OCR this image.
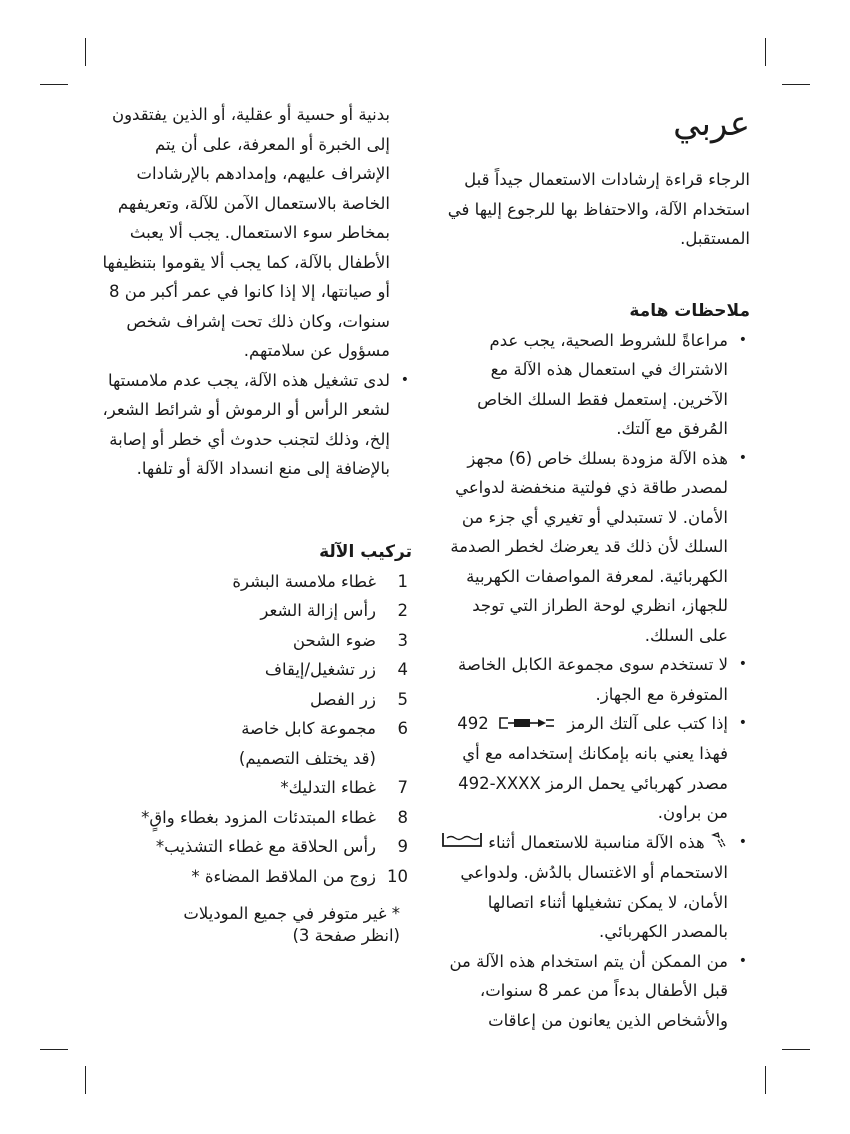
عربي

الرجاء قراءة إرشادات الاستعمال جيداً قبل استخدام الآلة، والاحتفاظ بها للرجوع إليها في المستقبل.

ملاحظات هامة
•
مراعاةً للشروط الصحية، يجب عدم الاشتراك في استعمال هذه الآلة مع الآخرين. إستعمل فقط السلك الخاص المُرفق مع آلتك.
•
هذه الآلة مزودة بسلك خاص (6) مجهز لمصدر طاقة ذي فولتية منخفضة لدواعي الأمان. لا تستبدلي أو تغيري أي جزء من السلك لأن ذلك قد يعرضك لخطر الصدمة الكهربائية. لمعرفة المواصفات الكهربية للجهاز، انظري لوحة الطراز التي توجد على السلك.
•
لا تستخدم سوى مجموعة الكابل الخاصة المتوفرة مع الجهاز.
•
إذا كتب على آلتك الرمز  492 فهذا يعني بانه بإمكانك إستخدامه مع أي مصدر كهربائي يحمل الرمز 492-XXXX من براون.
•
هذه الآلة مناسبة للاستعمال أثناء  الاستحمام أو الاغتسال بالدُش. ولدواعي الأمان، لا يمكن تشغيلها أثناء اتصالها بالمصدر الكهربائي.
•
من الممكن أن يتم استخدام هذه الآلة من قبل الأطفال بدءاً من عمر 8 سنوات، والأشخاص الذين يعانون من إعاقات

بدنية أو حسية أو عقلية، أو الذين يفتقدون إلى الخبرة أو المعرفة، على أن يتم الإشراف عليهم، وإمدادهم بالإرشادات الخاصة بالاستعمال الآمن للآلة، وتعريفهم بمخاطر سوء الاستعمال. يجب ألا يعبث الأطفال بالآلة، كما يجب ألا يقوموا بتنظيفها أو صيانتها، إلا إذا كانوا في عمر أكبر من 8 سنوات، وكان ذلك تحت إشراف شخص مسؤول عن سلامتهم.

•
لدى تشغيل هذه الآلة، يجب عدم ملامستها لشعر الرأس أو الرموش أو شرائط الشعر، إلخ، وذلك لتجنب حدوث أي خطر أو إصابة بالإضافة إلى منع انسداد الآلة أو تلفها.
تركيب الآلة
1
غطاء ملامسة البشرة
2
رأس إزالة الشعر
3
ضوء الشحن
4
زر تشغيل/إيقاف
5
زر الفصل
6
مجموعة كابل خاصة
(قد يختلف التصميم)
7
غطاء التدليك*
8
غطاء المبتدئات المزود بغطاء واقٍ*
9
رأس الحلاقة مع غطاء التشذيب*
10
زوج من الملاقط المضاءة *

* غير متوفر في جميع الموديلات
(انظر صفحة 3)
